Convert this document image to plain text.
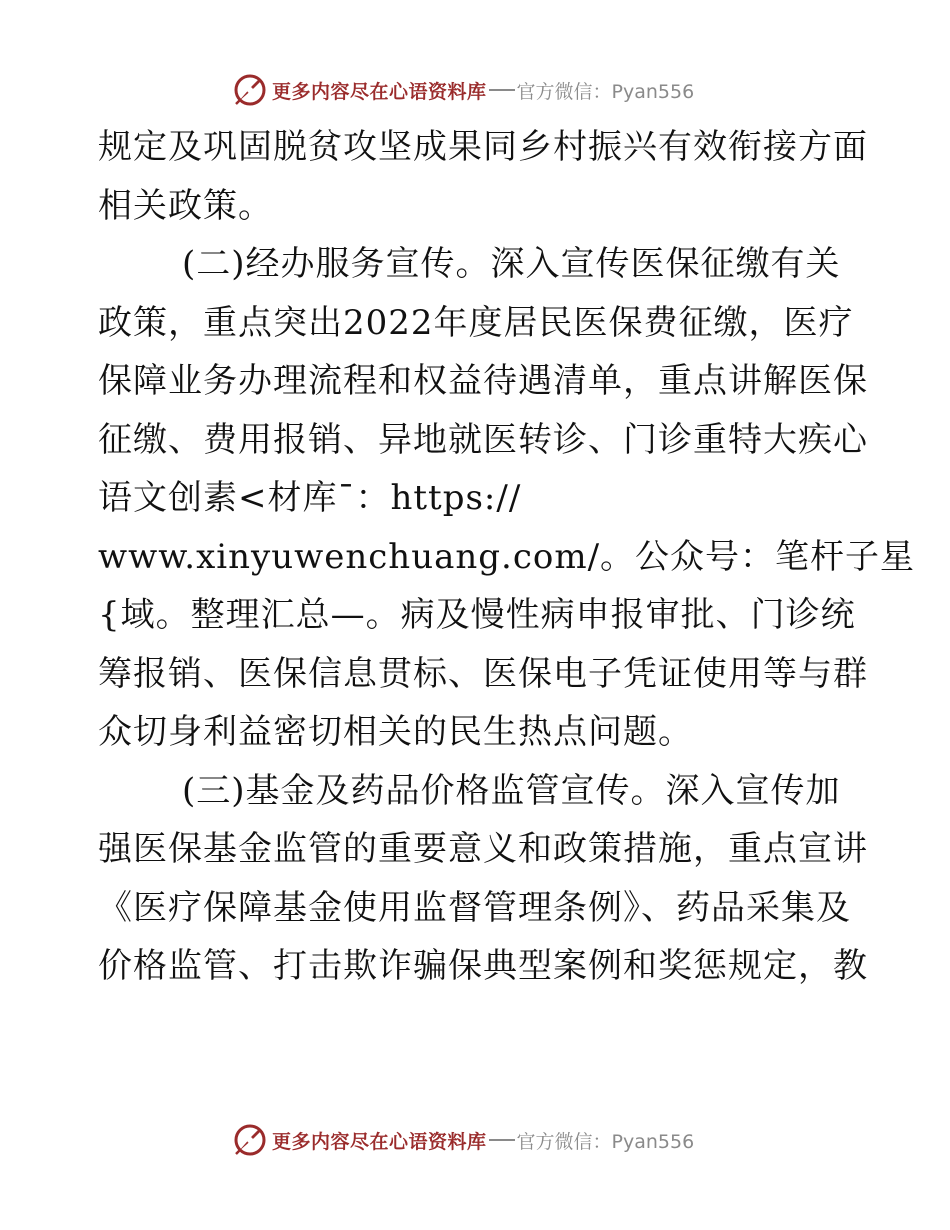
更多内容尽在心语资料库 官方微信：Pyan556
规定及巩固脱贫攻坚成果同乡村振兴有效衔接方面
相关政策。
(二)经办服务宣传。深入宣传医保征缴有关
政策，重点突出2022年度居民医保费征缴，医疗
保障业务办理流程和权益待遇清单，重点讲解医保
征缴、费用报销、异地就医转诊、门诊重特大疾心
语文创素<材库¯：https://
www.xinyuwenchuang.com/。公众号：笔杆子星
{域。整理汇总—。病及慢性病申报审批、门诊统
筹报销、医保信息贯标、医保电子凭证使用等与群
众切身利益密切相关的民生热点问题。
(三)基金及药品价格监管宣传。深入宣传加
强医保基金监管的重要意义和政策措施，重点宣讲
《医疗保障基金使用监督管理条例》、药品采集及
价格监管、打击欺诈骗保典型案例和奖惩规定，教
更多内容尽在心语资料库 官方微信：Pyan556
